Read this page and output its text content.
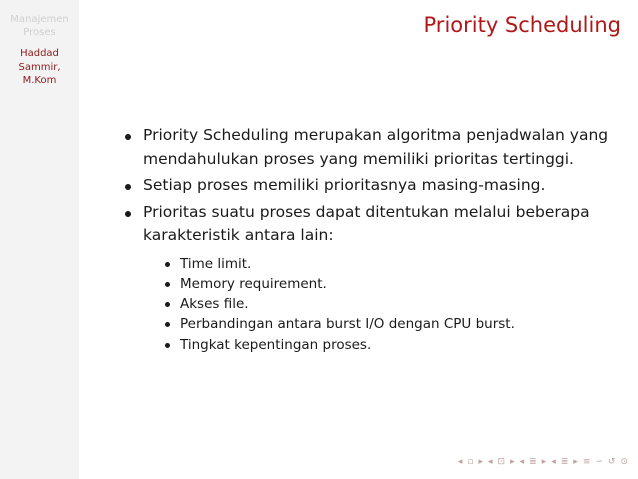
Manajemen
Proses
Haddad
Sammir,
M.Kom
Priority Scheduling
Priority Scheduling merupakan algoritma penjadwalan yang mendahulukan proses yang memiliki prioritas tertinggi.
Setiap proses memiliki prioritasnya masing-masing.
Prioritas suatu proses dapat ditentukan melalui beberapa karakteristik antara lain:
Time limit.
Memory requirement.
Akses file.
Perbandingan antara burst I/O dengan CPU burst.
Tingkat kepentingan proses.
◂ ▫ ▸ ◂ ⊡ ▸ ◂ ≣ ▸ ◂ ≣ ▸ ≡ ∽ ↺ ⊙
